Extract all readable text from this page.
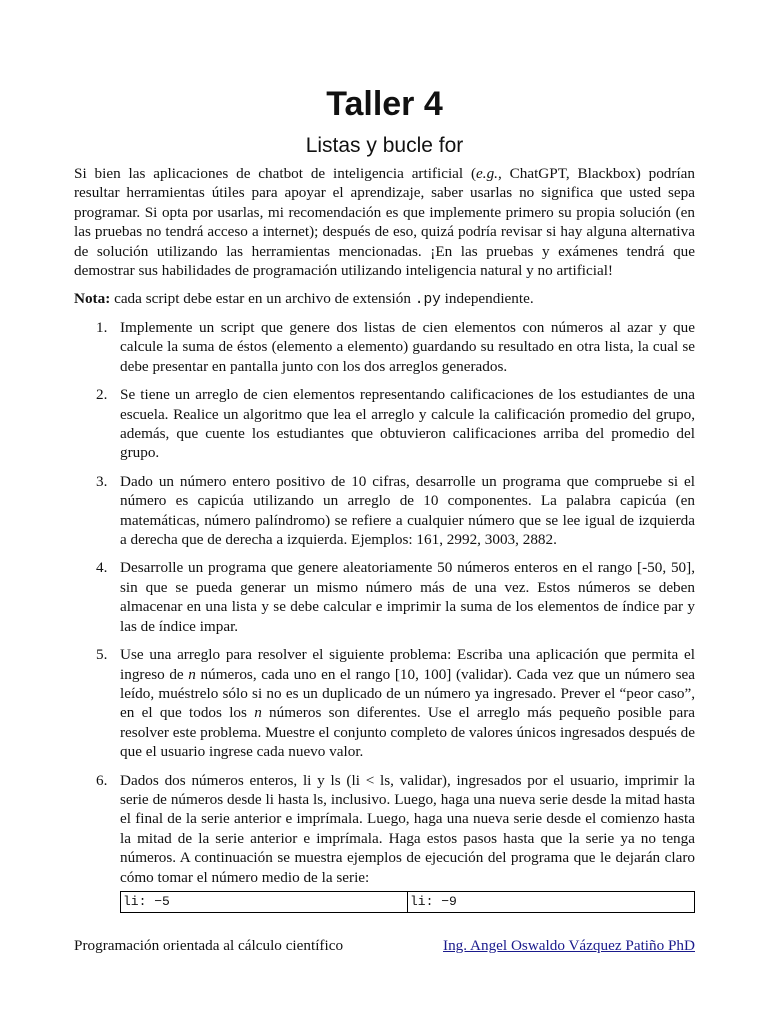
Taller 4
Listas y bucle for

Si bien las aplicaciones de chatbot de inteligencia artificial (e.g., ChatGPT, Blackbox) podrían resultar herramientas útiles para apoyar el aprendizaje, saber usarlas no significa que usted sepa programar. Si opta por usarlas, mi recomendación es que implemente primero su propia solución (en las pruebas no tendrá acceso a internet); después de eso, quizá podría revisar si hay alguna alternativa de solución utilizando las herramientas mencionadas. ¡En las pruebas y exámenes tendrá que demostrar sus habilidades de programación utilizando inteligencia natural y no artificial!

Nota: cada script debe estar en un archivo de extensión .py independiente.

1. Implemente un script que genere dos listas de cien elementos con números al azar y que calcule la suma de éstos (elemento a elemento) guardando su resultado en otra lista, la cual se debe presentar en pantalla junto con los dos arreglos generados.
2. Se tiene un arreglo de cien elementos representando calificaciones de los estudiantes de una escuela. Realice un algoritmo que lea el arreglo y calcule la calificación promedio del grupo, además, que cuente los estudiantes que obtuvieron calificaciones arriba del promedio del grupo.
3. Dado un número entero positivo de 10 cifras, desarrolle un programa que compruebe si el número es capicúa utilizando un arreglo de 10 componentes. La palabra capicúa (en matemáticas, número palíndromo) se refiere a cualquier número que se lee igual de izquierda a derecha que de derecha a izquierda. Ejemplos: 161, 2992, 3003, 2882.
4. Desarrolle un programa que genere aleatoriamente 50 números enteros en el rango [-50, 50], sin que se pueda generar un mismo número más de una vez. Estos números se deben almacenar en una lista y se debe calcular e imprimir la suma de los elementos de índice par y las de índice impar.
5. Use una arreglo para resolver el siguiente problema: Escriba una aplicación que permita el ingreso de n números, cada uno en el rango [10, 100] (validar). Cada vez que un número sea leído, muéstrelo sólo si no es un duplicado de un número ya ingresado. Prever el “peor caso”, en el que todos los n números son diferentes. Use el arreglo más pequeño posible para resolver este problema. Muestre el conjunto completo de valores únicos ingresados después de que el usuario ingrese cada nuevo valor.
6. Dados dos números enteros, li y ls (li < ls, validar), ingresados por el usuario, imprimir la serie de números desde li hasta ls, inclusivo. Luego, haga una nueva serie desde la mitad hasta el final de la serie anterior e imprímala. Luego, haga una nueva serie desde el comienzo hasta la mitad de la serie anterior e imprímala. Haga estos pasos hasta que la serie ya no tenga números. A continuación se muestra ejemplos de ejecución del programa que le dejarán claro cómo tomar el número medio de la serie:
li: −5	li: −9
Programación orientada al cálculo científico	Ing. Angel Oswaldo Vázquez Patiño PhD
